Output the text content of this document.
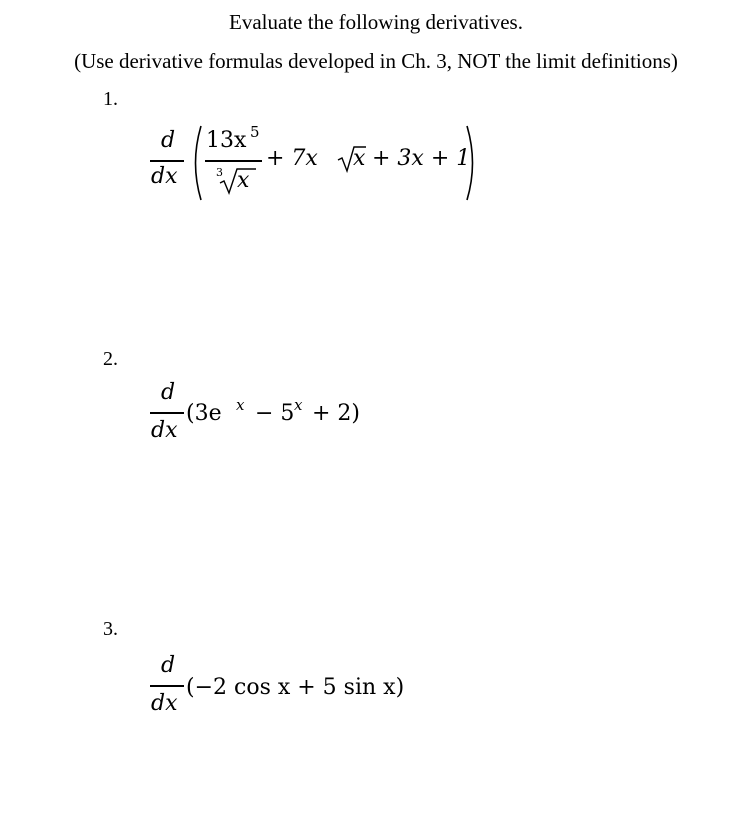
Evaluate the following derivatives.
(Use derivative formulas developed in Ch. 3, NOT the limit definitions)
1.
d
dx
13x 5
3 x
+ 7x x + 3x + 1
2.
d
dx
(3e x − 5 x + 2)
3.
d
dx
(−2 cos x + 5 sin x)
